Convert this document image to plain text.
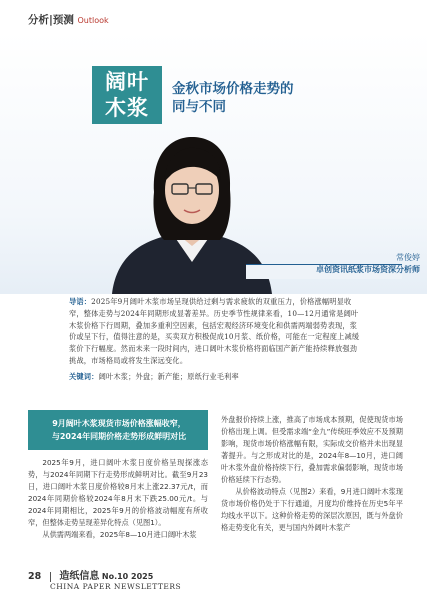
分析|预测 Outlook
阔叶
木浆
金秋市场价格走势的
同与不同
常俊婷
卓创资讯纸浆市场资深分析师
导语：2025年9月阔叶木浆市场呈现供给过剩与需求疲软的双重压力，价格涨幅明显收窄，整体走势与2024年同期形成显著差异。历史季节性规律来看，10—12月通常是阔叶木浆价格下行周期，叠加多重利空因素，包括宏观经济环境变化和供需两端弱势表现，浆价或呈下行，值得注意的是，买卖双方积极促成10月浆、纸价格，可能在一定程度上减缓浆价下行幅度。然而未来一段时间内，进口阔叶木浆价格将面临国产新产能持续释放强劲挑战，市场格局或将发生深远变化。
关键词：阔叶木浆；外盘；新产能；原纸行业毛利率
9月阔叶木浆现货市场价格涨幅收窄，
与2024年同期价格走势形成鲜明对比

2025年9月，进口阔叶木浆日度价格呈现探涨态势，与2024年同期下行走势形成鲜明对比。截至9月23日，进口阔叶木浆日度价格较8月末上涨22.37元/t，而2024年同期价格较2024年8月末下跌25.00元/t。与2024年同期相比，2025年9月的价格波动幅度有所收窄，但整体走势呈现差异化特点（见图1）。

从供需两端来看，2025年8—10月进口阔叶木浆

外盘报价持续上涨，推高了市场成本预期，促使现货市场价格出现上调。但受需求端“金九”传统旺季效应不及预期影响，现货市场价格涨幅有限，实际成交价格并未出现显著提升。与之形成对比的是，2024年8—10月，进口阔叶木浆外盘价格持续下行，叠加需求偏弱影响，现货市场价格延续下行态势。

从价格波动特点（见图2）来看，9月进口阔叶木浆现货市场价格仍处于下行通道，月度均价维持在历史5年平均线水平以下。这种价格走势的深层次原因，既与外盘价格走势变化有关，更与国内外阔叶木浆产

28 造纸信息 No.10 2025
CHINA PAPER NEWSLETTERS
